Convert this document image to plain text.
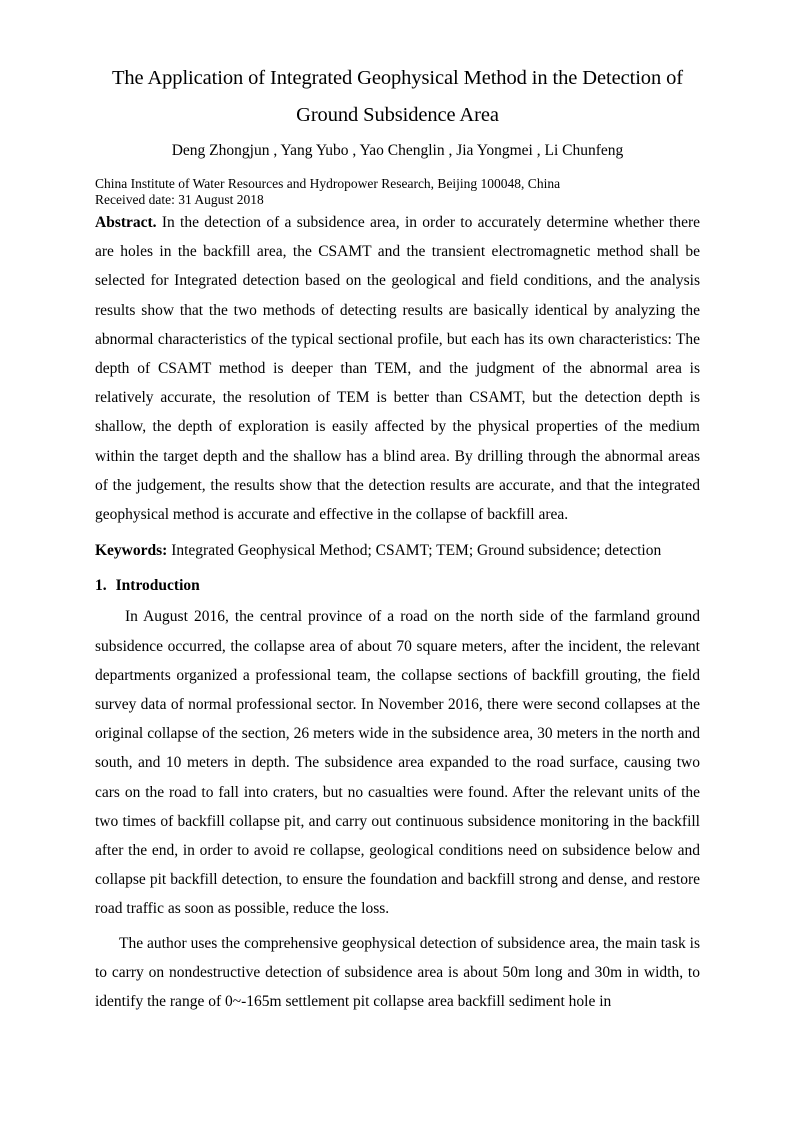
The Application of Integrated Geophysical Method in the Detection of
Ground Subsidence Area
Deng Zhongjun , Yang Yubo , Yao Chenglin , Jia Yongmei , Li Chunfeng
China Institute of Water Resources and Hydropower Research, Beijing 100048, China
Received date: 31 August 2018

Abstract. In the detection of a subsidence area, in order to accurately determine whether there are holes in the backfill area, the CSAMT and the transient electromagnetic method shall be selected for Integrated detection based on the geological and field conditions, and the analysis results show that the two methods of detecting results are basically identical by analyzing the abnormal characteristics of the typical sectional profile, but each has its own characteristics: The depth of CSAMT method is deeper than TEM, and the judgment of the abnormal area is relatively accurate, the resolution of TEM is better than CSAMT, but the detection depth is shallow, the depth of exploration is easily affected by the physical properties of the medium within the target depth and the shallow has a blind area. By drilling through the abnormal areas of the judgement, the results show that the detection results are accurate, and that the integrated geophysical method is accurate and effective in the collapse of backfill area.

Keywords: Integrated Geophysical Method; CSAMT; TEM; Ground subsidence; detection

1. Introduction

In August 2016, the central province of a road on the north side of the farmland ground subsidence occurred, the collapse area of about 70 square meters, after the incident, the relevant departments organized a professional team, the collapse sections of backfill grouting, the field survey data of normal professional sector. In November 2016, there were second collapses at the original collapse of the section, 26 meters wide in the subsidence area, 30 meters in the north and south, and 10 meters in depth. The subsidence area expanded to the road surface, causing two cars on the road to fall into craters, but no casualties were found. After the relevant units of the two times of backfill collapse pit, and carry out continuous subsidence monitoring in the backfill after the end, in order to avoid re collapse, geological conditions need on subsidence below and collapse pit backfill detection, to ensure the foundation and backfill strong and dense, and restore road traffic as soon as possible, reduce the loss.

The author uses the comprehensive geophysical detection of subsidence area, the main task is to carry on nondestructive detection of subsidence area is about 50m long and 30m in width, to identify the range of 0~-165m settlement pit collapse area backfill sediment hole in
